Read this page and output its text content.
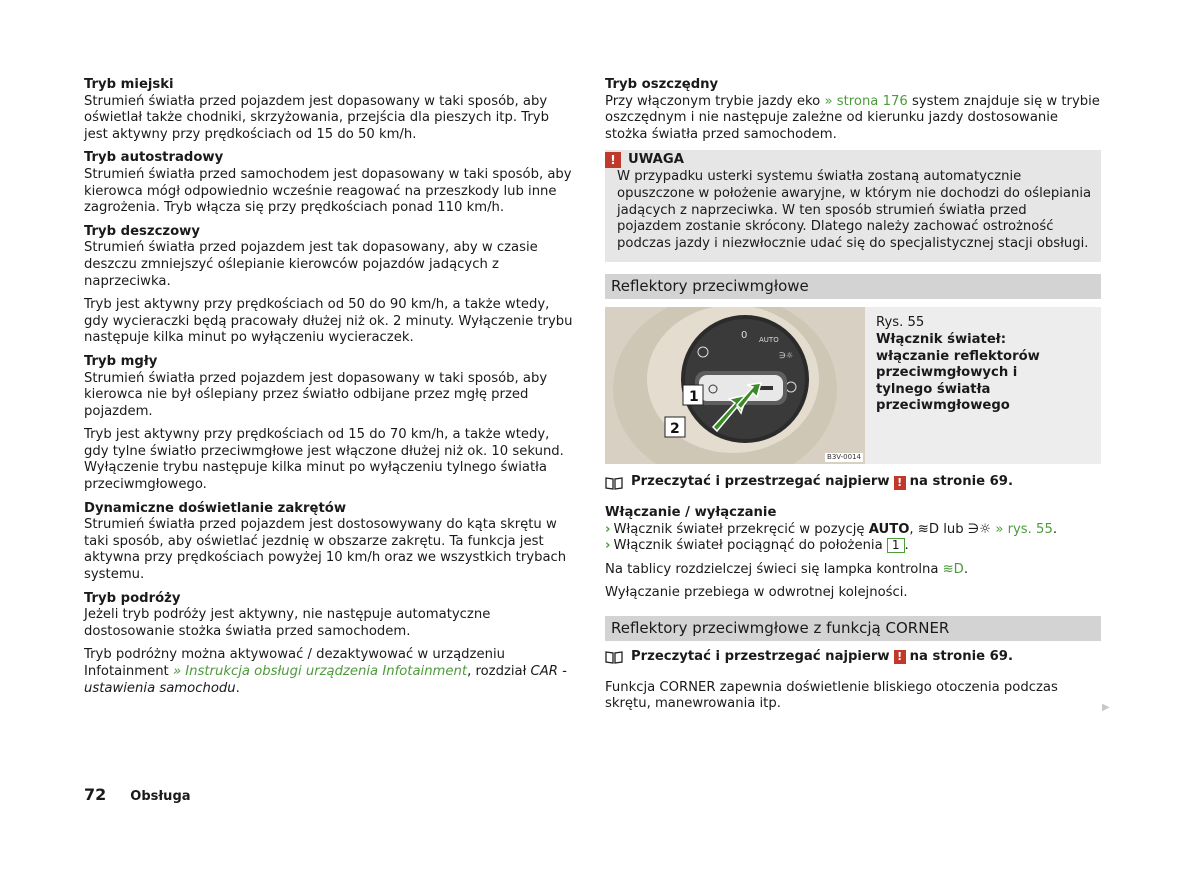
Tryb miejski

Strumień światła przed pojazdem jest dopasowany w taki sposób, aby oświetlał także chodniki, skrzyżowania, przejścia dla pieszych itp. Tryb jest aktywny przy prędkościach od 15 do 50 km/h.

Tryb autostradowy

Strumień światła przed samochodem jest dopasowany w taki sposób, aby kierowca mógł odpowiednio wcześnie reagować na przeszkody lub inne zagrożenia. Tryb włącza się przy prędkościach ponad 110 km/h.

Tryb deszczowy

Strumień światła przed pojazdem jest tak dopasowany, aby w czasie deszczu zmniejszyć oślepianie kierowców pojazdów jadących z naprzeciwka.

Tryb jest aktywny przy prędkościach od 50 do 90 km/h, a także wtedy, gdy wycieraczki będą pracowały dłużej niż ok. 2 minuty. Wyłączenie trybu następuje kilka minut po wyłączeniu wycieraczek.

Tryb mgły

Strumień światła przed pojazdem jest dopasowany w taki sposób, aby kierowca nie był oślepiany przez światło odbijane przez mgłę przed pojazdem.

Tryb jest aktywny przy prędkościach od 15 do 70 km/h, a także wtedy, gdy tylne światło przeciwmgłowe jest włączone dłużej niż ok. 10 sekund. Wyłączenie trybu następuje kilka minut po wyłączeniu tylnego światła przeciwmgłowego.

Dynamiczne doświetlanie zakrętów

Strumień światła przed pojazdem jest dostosowywany do kąta skrętu w taki sposób, aby oświetlać jezdnię w obszarze zakrętu. Ta funkcja jest aktywna przy prędkościach powyżej 10 km/h oraz we wszystkich trybach systemu.

Tryb podróży

Jeżeli tryb podróży jest aktywny, nie następuje automatyczne dostosowanie stożka światła przed samochodem.

Tryb podróżny można aktywować / dezaktywować w urządzeniu Infotainment » Instrukcja obsługi urządzenia Infotainment, rozdział CAR - ustawienia samochodu.

Tryb oszczędny

Przy włączonym trybie jazdy eko » strona 176 system znajduje się w trybie oszczędnym i nie następuje zależne od kierunku jazdy dostosowanie stożka światła przed samochodem.

! UWAGA
W przypadku usterki systemu światła zostaną automatycznie opuszczone w położenie awaryjne, w którym nie dochodzi do oślepiania jadących z naprzeciwka. W ten sposób strumień światła przed pojazdem zostanie skrócony. Dlatego należy zachować ostrożność podczas jazdy i niezwłocznie udać się do specjalistycznej stacji obsługi.
Reflektory przeciwmgłowe
0 AUTO
∋☼
1
2
B3V-0014
Rys. 55
Włącznik świateł: włączanie reflektorów przeciwmgłowych i tylnego światła przeciwmgłowego
Przeczytać i przestrzegać najpierw ! na stronie 69.
Włączanie / wyłączanie
› Włącznik świateł przekręcić w pozycję AUTO, ≋D lub ∋☼ » rys. 55.
› Włącznik świateł pociągnąć do położenia 1 .

Na tablicy rozdzielczej świeci się lampka kontrolna ≋D.

Wyłączanie przebiega w odwrotnej kolejności.

Reflektory przeciwmgłowe z funkcją CORNER
Przeczytać i przestrzegać najpierw ! na stronie 69.

Funkcja CORNER zapewnia doświetlenie bliskiego otoczenia podczas skrętu, manewrowania itp.	▶
72 Obsługa
